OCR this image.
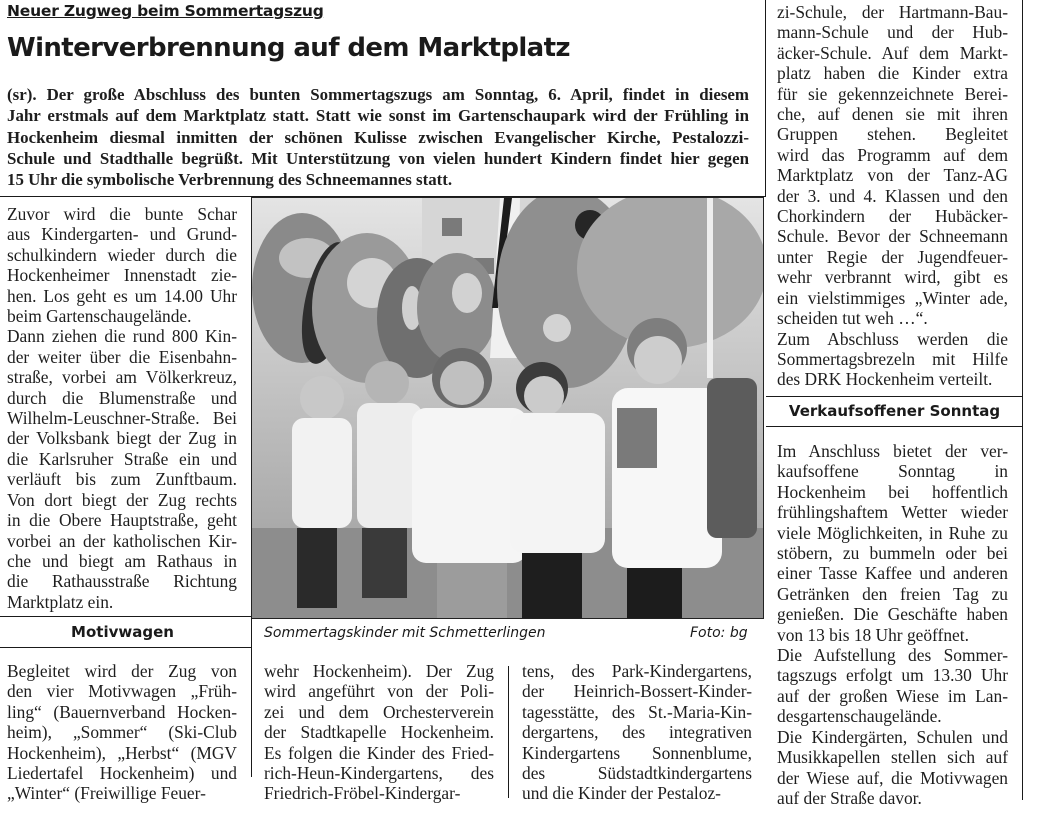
Neuer Zugweg beim Sommertagszug
Winterverbrennung auf dem Marktplatz
(sr). Der große Abschluss des bunten Sommertagszugs am Sonntag, 6. April, findet in diesem
Jahr erstmals auf dem Marktplatz statt. Statt wie sonst im Gartenschaupark wird der Frühling in
Hockenheim diesmal inmitten der schönen Kulisse zwischen Evangelischer Kirche, Pestalozzi-
Schule und Stadthalle begrüßt. Mit Unterstützung von vielen hundert Kindern findet hier gegen
15 Uhr die symbolische Verbrennung des Schneemannes statt.
Zuvor wird die bunte Schar
aus Kindergarten- und Grund-
schulkindern wieder durch die
Hockenheimer Innenstadt zie-
hen. Los geht es um 14.00 Uhr
beim Gartenschaugelände.
Dann ziehen die rund 800 Kin-
der weiter über die Eisenbahn-
straße, vorbei am Völkerkreuz,
durch die Blumenstraße und
Wilhelm-Leuschner-Straße. Bei
der Volksbank biegt der Zug in
die Karlsruher Straße ein und
verläuft bis zum Zunftbaum.
Von dort biegt der Zug rechts
in die Obere Hauptstraße, geht
vorbei an der katholischen Kir-
che und biegt am Rathaus in
die Rathausstraße Richtung
Marktplatz ein.
Sommertagskinder mit Schmetterlingen	Foto: bg
Motivwagen
Begleitet wird der Zug von
den vier Motivwagen „Früh-
ling“ (Bauernverband Hocken-
heim), „Sommer“ (Ski-Club
Hockenheim), „Herbst“ (MGV
Liedertafel Hockenheim) und
„Winter“ (Freiwillige Feuer-
wehr Hockenheim). Der Zug
wird angeführt von der Poli-
zei und dem Orchesterverein
der Stadtkapelle Hockenheim.
Es folgen die Kinder des Fried-
rich-Heun-Kindergartens, des
Friedrich-Fröbel-Kindergar-
tens, des Park-Kindergartens,
der Heinrich-Bossert-Kinder-
tagesstätte, des St.-Maria-Kin-
dergartens, des integrativen
Kindergartens Sonnenblume,
des Südstadtkindergartens
und die Kinder der Pestaloz-
zi-Schule, der Hartmann-Bau-
mann-Schule und der Hub-
äcker-Schule. Auf dem Markt-
platz haben die Kinder extra
für sie gekennzeichnete Berei-
che, auf denen sie mit ihren
Gruppen stehen. Begleitet
wird das Programm auf dem
Marktplatz von der Tanz-AG
der 3. und 4. Klassen und den
Chorkindern der Hubäcker-
Schule. Bevor der Schneemann
unter Regie der Jugendfeuer-
wehr verbrannt wird, gibt es
ein vielstimmiges „Winter ade,
scheiden tut weh …“.
Zum Abschluss werden die
Sommertagsbrezeln mit Hilfe
des DRK Hockenheim verteilt.
Verkaufsoffener Sonntag
Im Anschluss bietet der ver-
kaufsoffene Sonntag in
Hockenheim bei hoffentlich
frühlingshaftem Wetter wieder
viele Möglichkeiten, in Ruhe zu
stöbern, zu bummeln oder bei
einer Tasse Kaffee und anderen
Getränken den freien Tag zu
genießen. Die Geschäfte haben
von 13 bis 18 Uhr geöffnet.
Die Aufstellung des Sommer-
tagszugs erfolgt um 13.30 Uhr
auf der großen Wiese im Lan-
desgartenschaugelände.
Die Kindergärten, Schulen und
Musikkapellen stellen sich auf
der Wiese auf, die Motivwagen
auf der Straße davor.
